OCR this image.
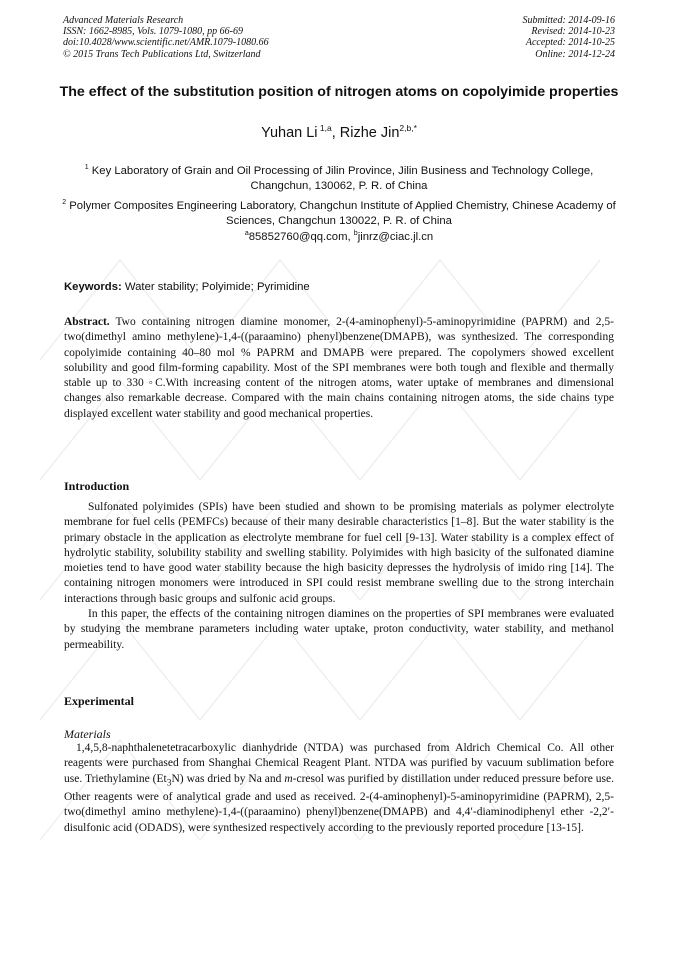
Advanced Materials Research
ISSN: 1662-8985, Vols. 1079-1080, pp 66-69
doi:10.4028/www.scientific.net/AMR.1079-1080.66
© 2015 Trans Tech Publications Ltd, Switzerland
Submitted: 2014-09-16
Revised: 2014-10-23
Accepted: 2014-10-25
Online: 2014-12-24
The effect of the substitution position of nitrogen atoms on copolyimide properties
Yuhan Li $^{1,a}$, Rizhe Jin$^{2,b,*}$
$^1$ Key Laboratory of Grain and Oil Processing of Jilin Province, Jilin Business and Technology College, Changchun, 130062, P. R. of China
$^2$ Polymer Composites Engineering Laboratory, Changchun Institute of Applied Chemistry, Chinese Academy of Sciences, Changchun 130022, P. R. of China
$^a$85852760@qq.com, $^b$jinrz@ciac.jl.cn
Keywords: Water stability; Polyimide; Pyrimidine
Abstract. Two containing nitrogen diamine monomer, 2-(4-aminophenyl)-5-aminopyrimidine (PAPRM) and 2,5-two(dimethyl amino methylene)-1,4-((paraamino) phenyl)benzene(DMAPB), was synthesized. The corresponding copolyimide containing 40–80 mol % PAPRM and DMAPB were prepared. The copolymers showed excellent solubility and good film-forming capability. Most of the SPI membranes were both tough and flexible and thermally stable up to 330 ◦C.With increasing content of the nitrogen atoms, water uptake of membranes and dimensional changes also remarkable decrease. Compared with the main chains containing nitrogen atoms, the side chains type displayed excellent water stability and good mechanical properties.
Introduction

Sulfonated polyimides (SPIs) have been studied and shown to be promising materials as polymer electrolyte membrane for fuel cells (PEMFCs) because of their many desirable characteristics [1–8]. But the water stability is the primary obstacle in the application as electrolyte membrane for fuel cell [9-13]. Water stability is a complex effect of hydrolytic stability, solubility stability and swelling stability. Polyimides with high basicity of the sulfonated diamine moieties tend to have good water stability because the high basicity depresses the hydrolysis of imido ring [14]. The containing nitrogen monomers were introduced in SPI could resist membrane swelling due to the strong interchain interactions through basic groups and sulfonic acid groups.

In this paper, the effects of the containing nitrogen diamines on the properties of SPI membranes were evaluated by studying the membrane parameters including water uptake, proton conductivity, water stability, and methanol permeability.

Experimental
Materials

1,4,5,8-naphthalenetetracarboxylic dianhydride (NTDA) was purchased from Aldrich Chemical Co. All other reagents were purchased from Shanghai Chemical Reagent Plant. NTDA was purified by vacuum sublimation before use. Triethylamine $(Et_3N)$ was dried by Na and m-cresol was purified by distillation under reduced pressure before use. Other reagents were of analytical grade and used as received. 2-(4-aminophenyl)-5-aminopyrimidine (PAPRM), 2,5-two(dimethyl amino methylene)-1,4-((paraamino) phenyl)benzene(DMAPB) and 4,4′-diaminodiphenyl ether -2,2′-disulfonic acid (ODADS), were synthesized respectively according to the previously reported procedure [13-15].
